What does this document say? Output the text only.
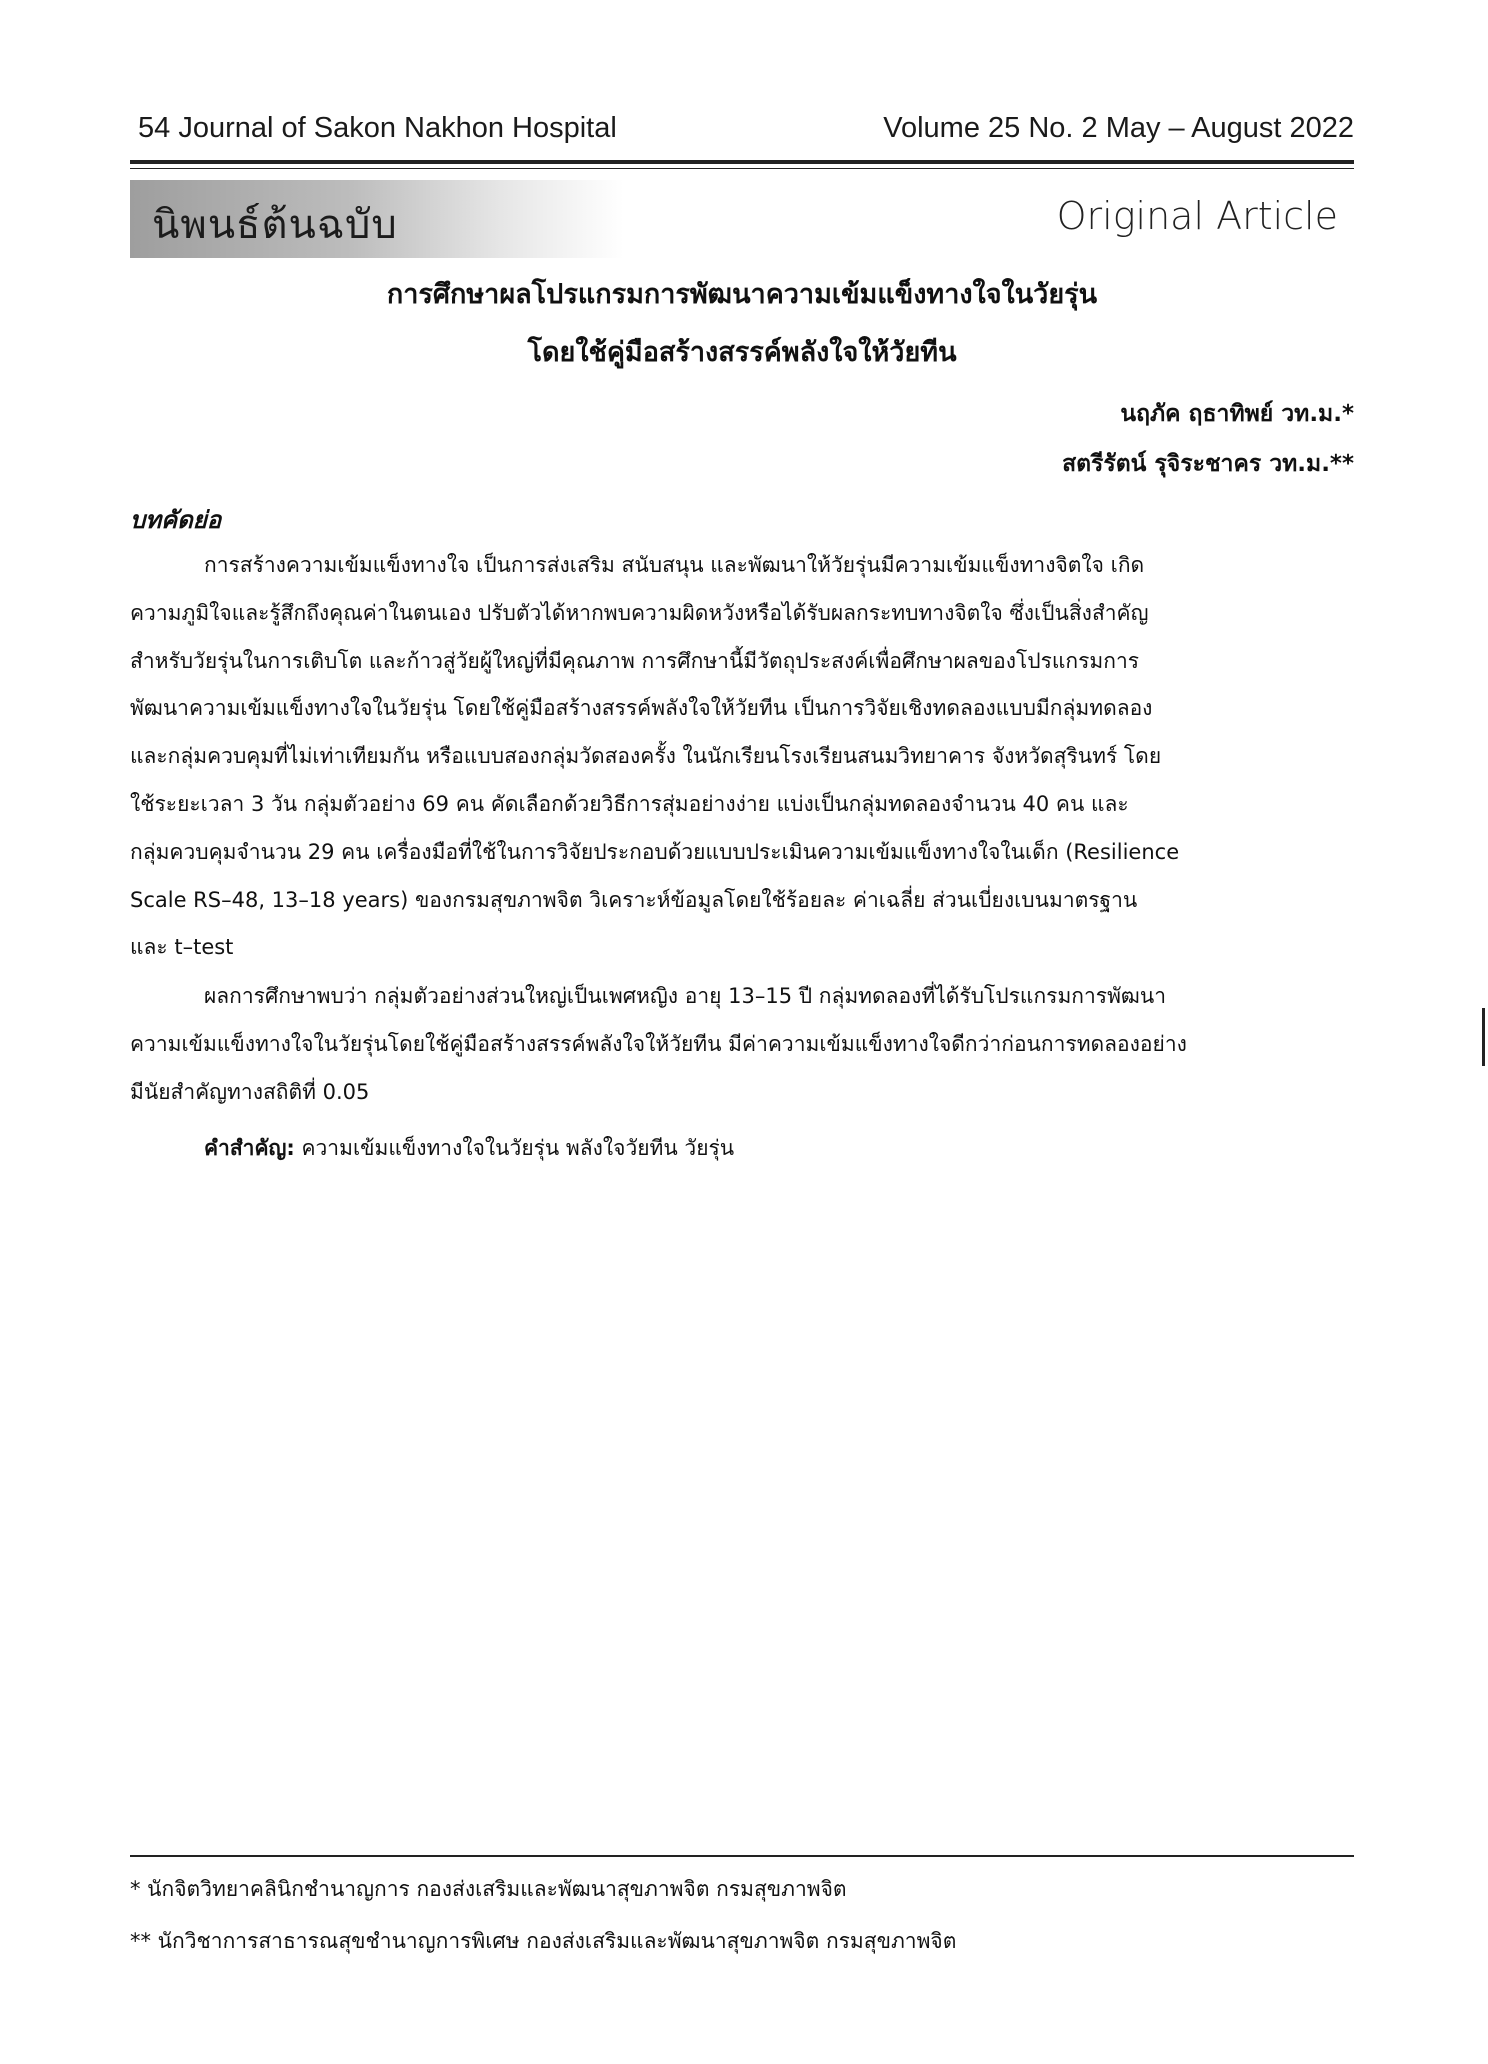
54 Journal of Sakon Nakhon Hospital	Volume 25 No. 2 May – August 2022
นิพนธ์ต้นฉบับ	Original Article
การศึกษาผลโปรแกรมการพัฒนาความเข้มแข็งทางใจในวัยรุ่น
โดยใช้คู่มือสร้างสรรค์พลังใจให้วัยทีน
นฤภัค ฤธาทิพย์ วท.ม.*
สตรีรัตน์ รุจิระชาคร วท.ม.**
บทคัดย่อ
การสร้างความเข้มแข็งทางใจ เป็นการส่งเสริม สนับสนุน และพัฒนาให้วัยรุ่นมีความเข้มแข็งทางจิตใจ เกิด
ความภูมิใจและรู้สึกถึงคุณค่าในตนเอง ปรับตัวได้หากพบความผิดหวังหรือได้รับผลกระทบทางจิตใจ ซึ่งเป็นสิ่งสำคัญ
สำหรับวัยรุ่นในการเติบโต และก้าวสู่วัยผู้ใหญ่ที่มีคุณภาพ การศึกษานี้มีวัตถุประสงค์เพื่อศึกษาผลของโปรแกรมการ
พัฒนาความเข้มแข็งทางใจในวัยรุ่น โดยใช้คู่มือสร้างสรรค์พลังใจให้วัยทีน เป็นการวิจัยเชิงทดลองแบบมีกลุ่มทดลอง
และกลุ่มควบคุมที่ไม่เท่าเทียมกัน หรือแบบสองกลุ่มวัดสองครั้ง ในนักเรียนโรงเรียนสนมวิทยาคาร จังหวัดสุรินทร์ โดย
ใช้ระยะเวลา 3 วัน กลุ่มตัวอย่าง 69 คน คัดเลือกด้วยวิธีการสุ่มอย่างง่าย แบ่งเป็นกลุ่มทดลองจำนวน 40 คน และ
กลุ่มควบคุมจำนวน 29 คน เครื่องมือที่ใช้ในการวิจัยประกอบด้วยแบบประเมินความเข้มแข็งทางใจในเด็ก (Resilience
Scale RS–48, 13–18 years) ของกรมสุขภาพจิต วิเคราะห์ข้อมูลโดยใช้ร้อยละ ค่าเฉลี่ย ส่วนเบี่ยงเบนมาตรฐาน
และ t–test
ผลการศึกษาพบว่า กลุ่มตัวอย่างส่วนใหญ่เป็นเพศหญิง อายุ 13–15 ปี กลุ่มทดลองที่ได้รับโปรแกรมการพัฒนา
ความเข้มแข็งทางใจในวัยรุ่นโดยใช้คู่มือสร้างสรรค์พลังใจให้วัยทีน มีค่าความเข้มแข็งทางใจดีกว่าก่อนการทดลองอย่าง
มีนัยสำคัญทางสถิติที่ 0.05
คำสำคัญ: ความเข้มแข็งทางใจในวัยรุ่น พลังใจวัยทีน วัยรุ่น
* นักจิตวิทยาคลินิกชำนาญการ กองส่งเสริมและพัฒนาสุขภาพจิต กรมสุขภาพจิต
** นักวิชาการสาธารณสุขชำนาญการพิเศษ กองส่งเสริมและพัฒนาสุขภาพจิต กรมสุขภาพจิต
